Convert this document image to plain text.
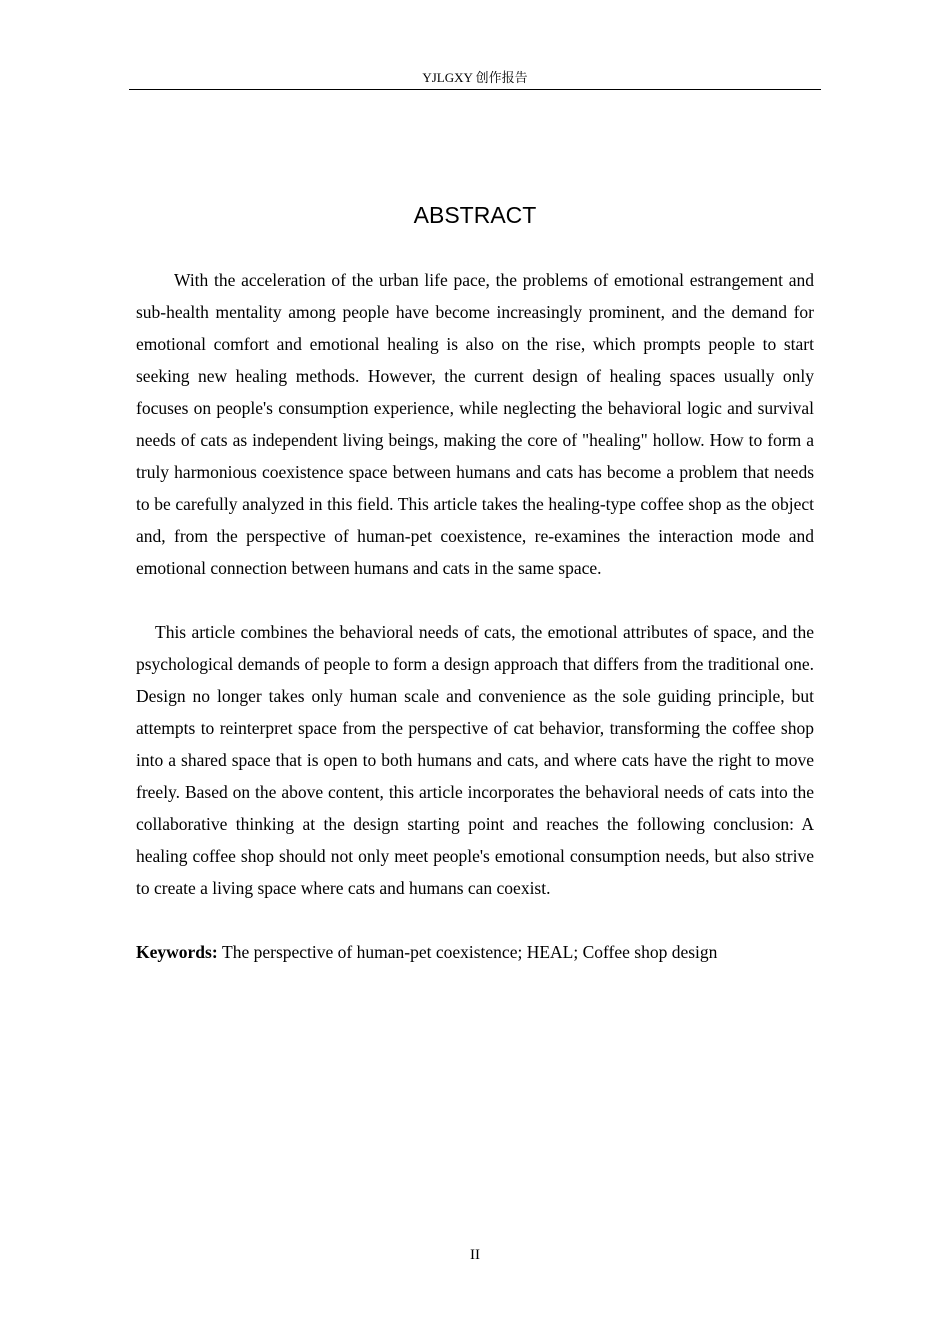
YJLGXY 创作报告
ABSTRACT

With the acceleration of the urban life pace, the problems of emotional estrangement and sub-health mentality among people have become increasingly prominent, and the demand for emotional comfort and emotional healing is also on the rise, which prompts people to start seeking new healing methods. However, the current design of healing spaces usually only focuses on people's consumption experience, while neglecting the behavioral logic and survival needs of cats as independent living beings, making the core of "healing" hollow. How to form a truly harmonious coexistence space between humans and cats has become a problem that needs to be carefully analyzed in this field. This article takes the healing-type coffee shop as the object and, from the perspective of human-pet coexistence, re-examines the interaction mode and emotional connection between humans and cats in the same space.

This article combines the behavioral needs of cats, the emotional attributes of space, and the psychological demands of people to form a design approach that differs from the traditional one. Design no longer takes only human scale and convenience as the sole guiding principle, but attempts to reinterpret space from the perspective of cat behavior, transforming the coffee shop into a shared space that is open to both humans and cats, and where cats have the right to move freely. Based on the above content, this article incorporates the behavioral needs of cats into the collaborative thinking at the design starting point and reaches the following conclusion: A healing coffee shop should not only meet people's emotional consumption needs, but also strive to create a living space where cats and humans can coexist.

Keywords: The perspective of human-pet coexistence; HEAL; Coffee shop design

II
